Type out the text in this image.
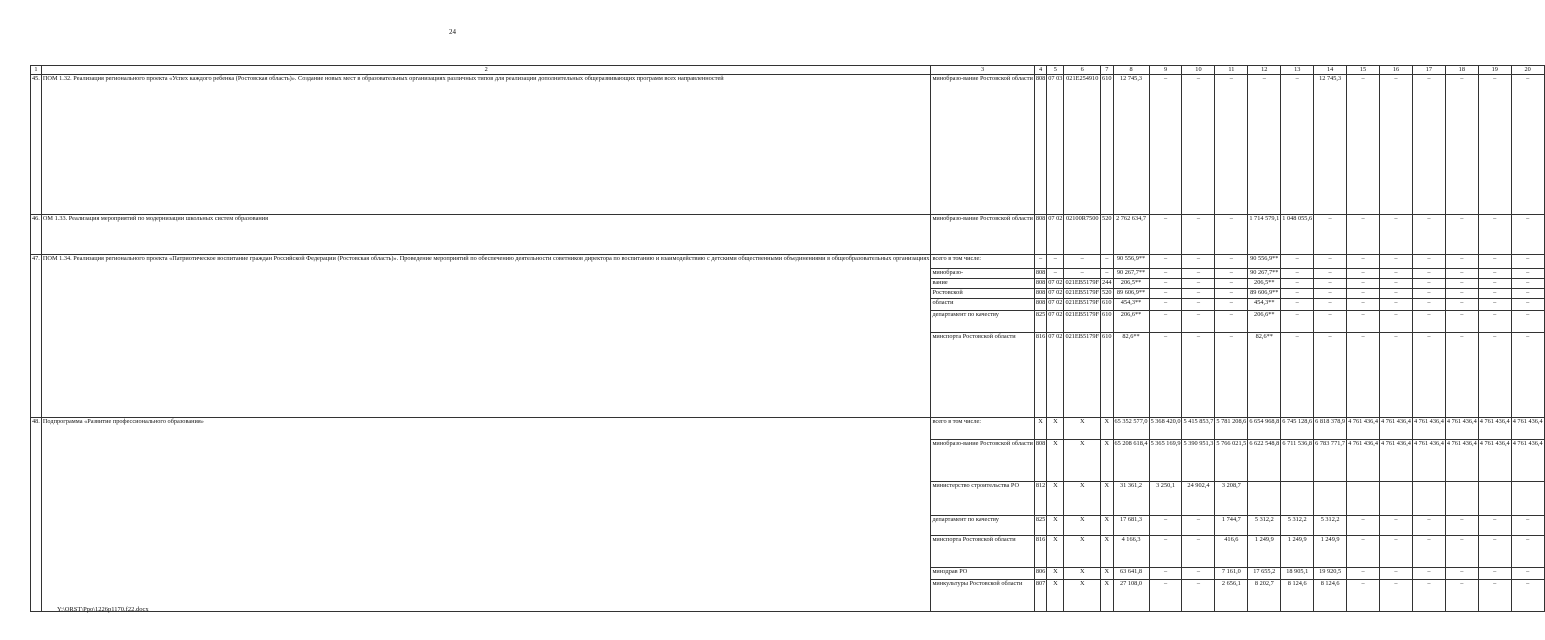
24
1	2	3	4	5	6	7	8	9	10	11	12	13	14	15	16	17	18	19	20
45.	ПОМ 1.32. Реализация регионального проекта «Успех каждого ребенка (Ростовская область)». Создание новых мест в образовательных организациях различных типов для реализации дополнительных общеразвивающих программ всех направленностей	минобразо-вание Ростовской области	808	07 03	021E254910	610	12 745,3	–	–	–	–	–	12 745,3	–	–	–	–	–	–
46.	ОМ 1.33. Реализация мероприятий по модернизации школьных систем образования	минобразо-вание Ростовской области	808	07 02	02100R7500	520	2 762 634,7	–	–	–	1 714 579,1	1 048 055,6	–	–	–	–	–	–	–
47.	ПОМ 1.34. Реализация регионального проекта «Патриотическое воспитание граждан Российской Федерации (Ростовская область)». Проведение мероприятий по обеспечению деятельности советников директора по воспитанию и взаимодействию с детскими общественными объединениями в общеобразовательных организациях	всего в том числе:	–	–	–	–	90 556,9**	–	–	–	90 556,9**	–	–	–	–	–	–	–	–
		минобразо-	808	–	–	–	90 267,7**	–	–	–	90 267,7**	–	–	–	–	–	–	–	–
		вание	808	07 02	021EB5179F	244	206,5**	–	–	–	206,5**	–	–	–	–	–	–	–	–
		Ростовской	808	07 02	021EB5179F	520	89 606,9**	–	–	–	89 606,9**	–	–	–	–	–	–	–	–
		области	808	07 02	021EB5179F	610	454,3**	–	–	–	454,3**	–	–	–	–	–	–	–	–
		департамент по качеству	825	07 02	021EB5179F	610	206,6**	–	–	–	206,6**	–	–	–	–	–	–	–	–
		минспорта Ростовской области	816	07 02	021EB5179F	610	82,6**	–	–	–	82,6**	–	–	–	–	–	–	–	–
48.	Подпрограмма «Развитие профессионального образования»	всего в том числе:	X	X	X	X	65 352 577,0	5 368 420,0	5 415 853,7	5 781 208,6	6 654 968,8	6 745 128,6	6 818 378,9	4 761 436,4	4 761 436,4	4 761 436,4	4 761 436,4	4 761 436,4	4 761 436,4
		минобразо-вание Ростовской области	808	X	X	X	65 208 618,4	5 365 169,9	5 390 951,3	5 766 021,5	6 622 548,8	6 711 536,8	6 783 771,7	4 761 436,4	4 761 436,4	4 761 436,4	4 761 436,4	4 761 436,4	4 761 436,4
		министерство строительства РО	812	X	X	X	31 361,2	3 250,1	24 902,4	3 208,7									
		департамент по качеству	825	X	X	X	17 681,3	–	–	1 744,7	5 312,2	5 312,2	5 312,2	–	–	–	–	–	–
		минспорта Ростовской области	816	X	X	X	4 166,3	–	–	416,6	1 249,9	1 249,9	1 249,9	–	–	–	–	–	–
		минздрав РО	806	X	X	X	63 641,8	–	–	7 161,0	17 655,2	18 905,1	19 920,5	–	–	–	–	–	–
		минкультуры Ростовской области	807	X	X	X	27 108,0	–	–	2 656,1	8 202,7	8 124,6	8 124,6	–	–	–	–	–	–
Y:\ORST\Ppo\1226p1170.f22.docx
